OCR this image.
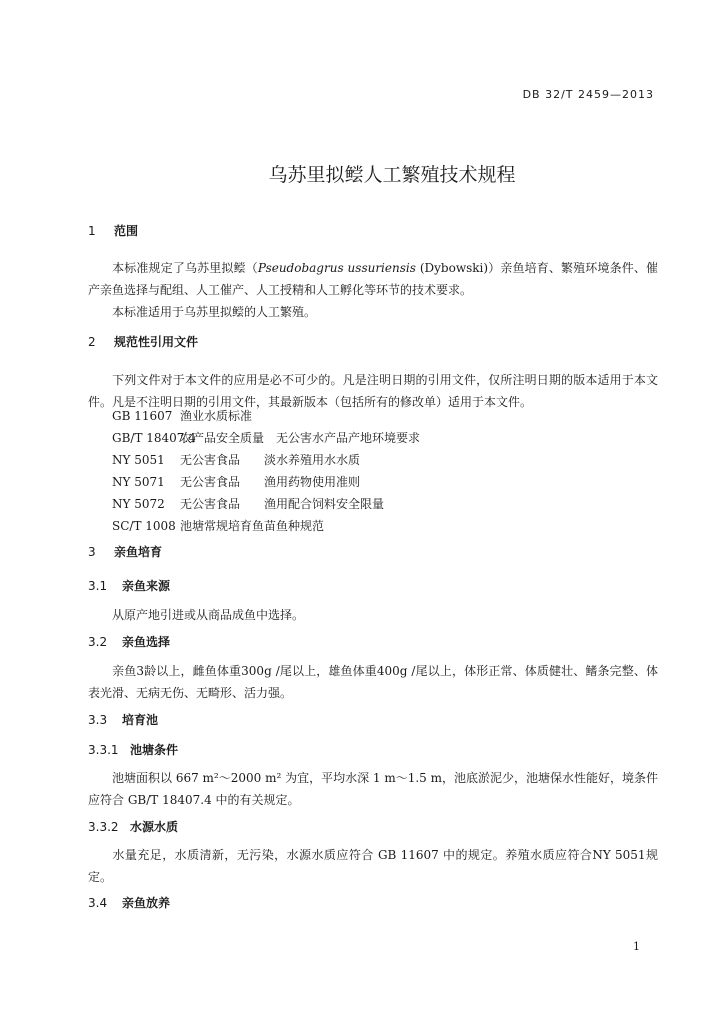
DB 32/T 2459—2013
乌苏里拟鲿人工繁殖技术规程
1 范围
本标准规定了乌苏里拟鲿（Pseudobagrus ussuriensis (Dybowski)）亲鱼培育、繁殖环境条件、催产亲鱼选择与配组、人工催产、人工授精和人工孵化等环节的技术要求。
本标准适用于乌苏里拟鲿的人工繁殖。
2 规范性引用文件
下列文件对于本文件的应用是必不可少的。凡是注明日期的引用文件，仅所注明日期的版本适用于本文件。凡是不注明日期的引用文件，其最新版本（包括所有的修改单）适用于本文件。
GB 11607 渔业水质标准
GB/T 18407.4农产品安全质量　无公害水产品产地环境要求
NY 5051 无公害食品　　淡水养殖用水水质
NY 5071 无公害食品　　渔用药物使用准则
NY 5072 无公害食品　　渔用配合饲料安全限量
SC/T 1008 池塘常规培育鱼苗鱼种规范
3 亲鱼培育
3.1 亲鱼来源
从原产地引进或从商品成鱼中选择。
3.2 亲鱼选择
亲鱼3龄以上，雌鱼体重300g /尾以上，雄鱼体重400g /尾以上，体形正常、体质健壮、鳍条完整、体表光滑、无病无伤、无畸形、活力强。
3.3 培育池
3.3.1 池塘条件
池塘面积以 667 m²～2000 m² 为宜，平均水深 1 m～1.5 m，池底淤泥少，池塘保水性能好，境条件应符合 GB/T 18407.4 中的有关规定。
3.3.2 水源水质
水量充足，水质清新，无污染，水源水质应符合 GB 11607 中的规定。养殖水质应符合NY 5051规定。
3.4 亲鱼放养
1
